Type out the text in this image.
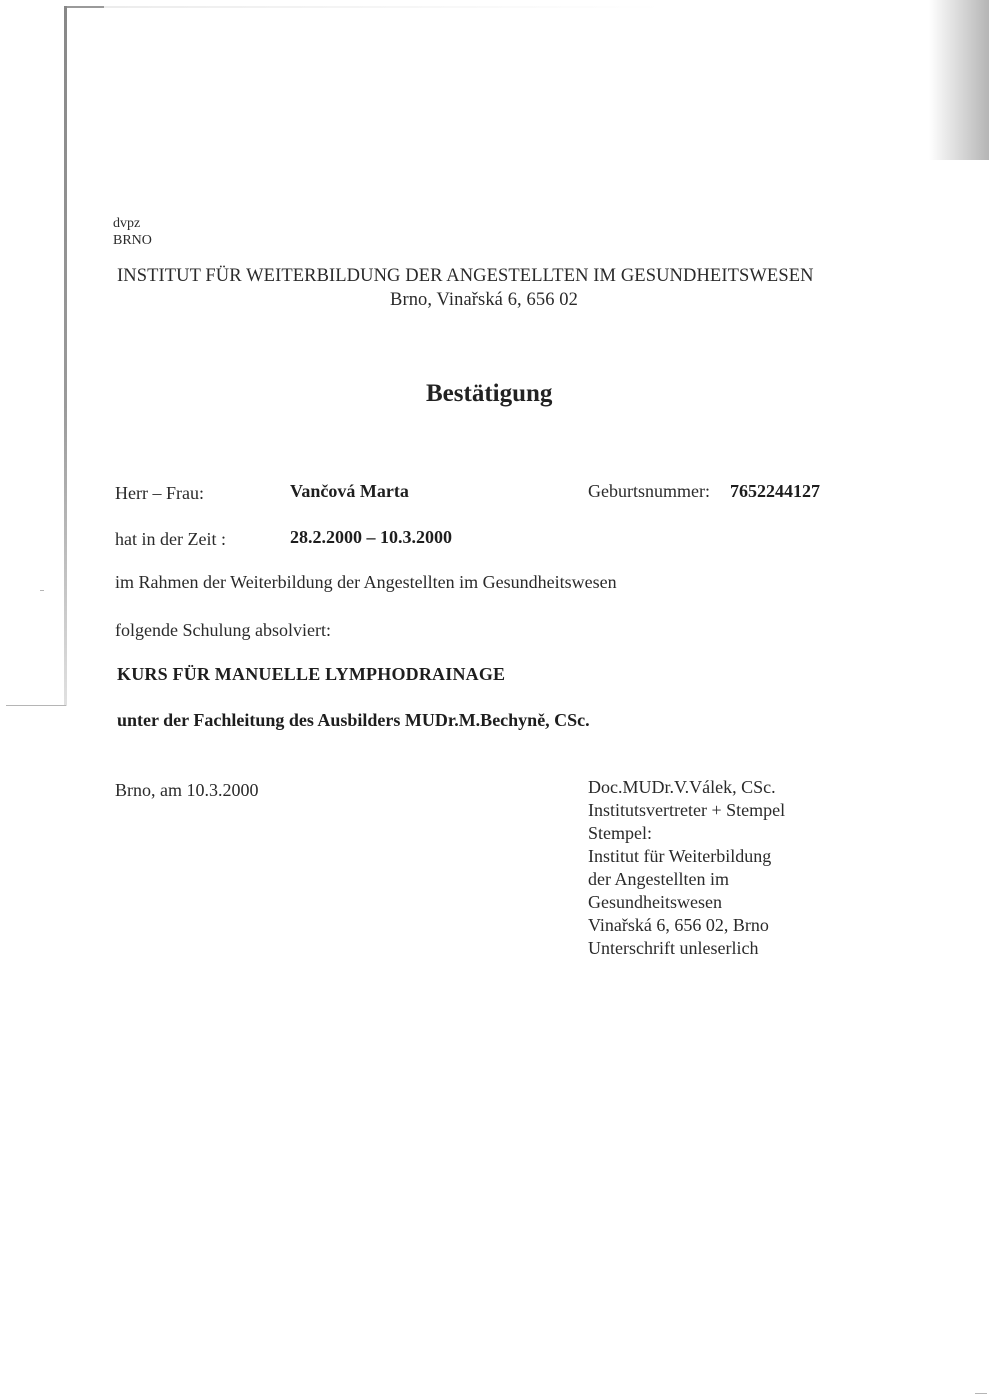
dvpz
BRNO
INSTITUT FÜR WEITERBILDUNG DER ANGESTELLTEN IM GESUNDHEITSWESEN
Brno, Vinařská 6, 656 02
Bestätigung
Herr – Frau:	Vančová Marta	Geburtsnummer: 7652244127
hat in der Zeit :	28.2.2000 – 10.3.2000
im Rahmen der Weiterbildung der Angestellten im Gesundheitswesen
folgende Schulung absolviert:
KURS FÜR MANUELLE LYMPHODRAINAGE
unter der Fachleitung des Ausbilders MUDr.M.Bechyně, CSc.
Brno, am 10.3.2000	Doc.MUDr.V.Válek, CSc.
Institutsvertreter + Stempel
Stempel:
Institut für Weiterbildung
der Angestellten im
Gesundheitswesen
Vinařská 6, 656 02, Brno
Unterschrift unleserlich
